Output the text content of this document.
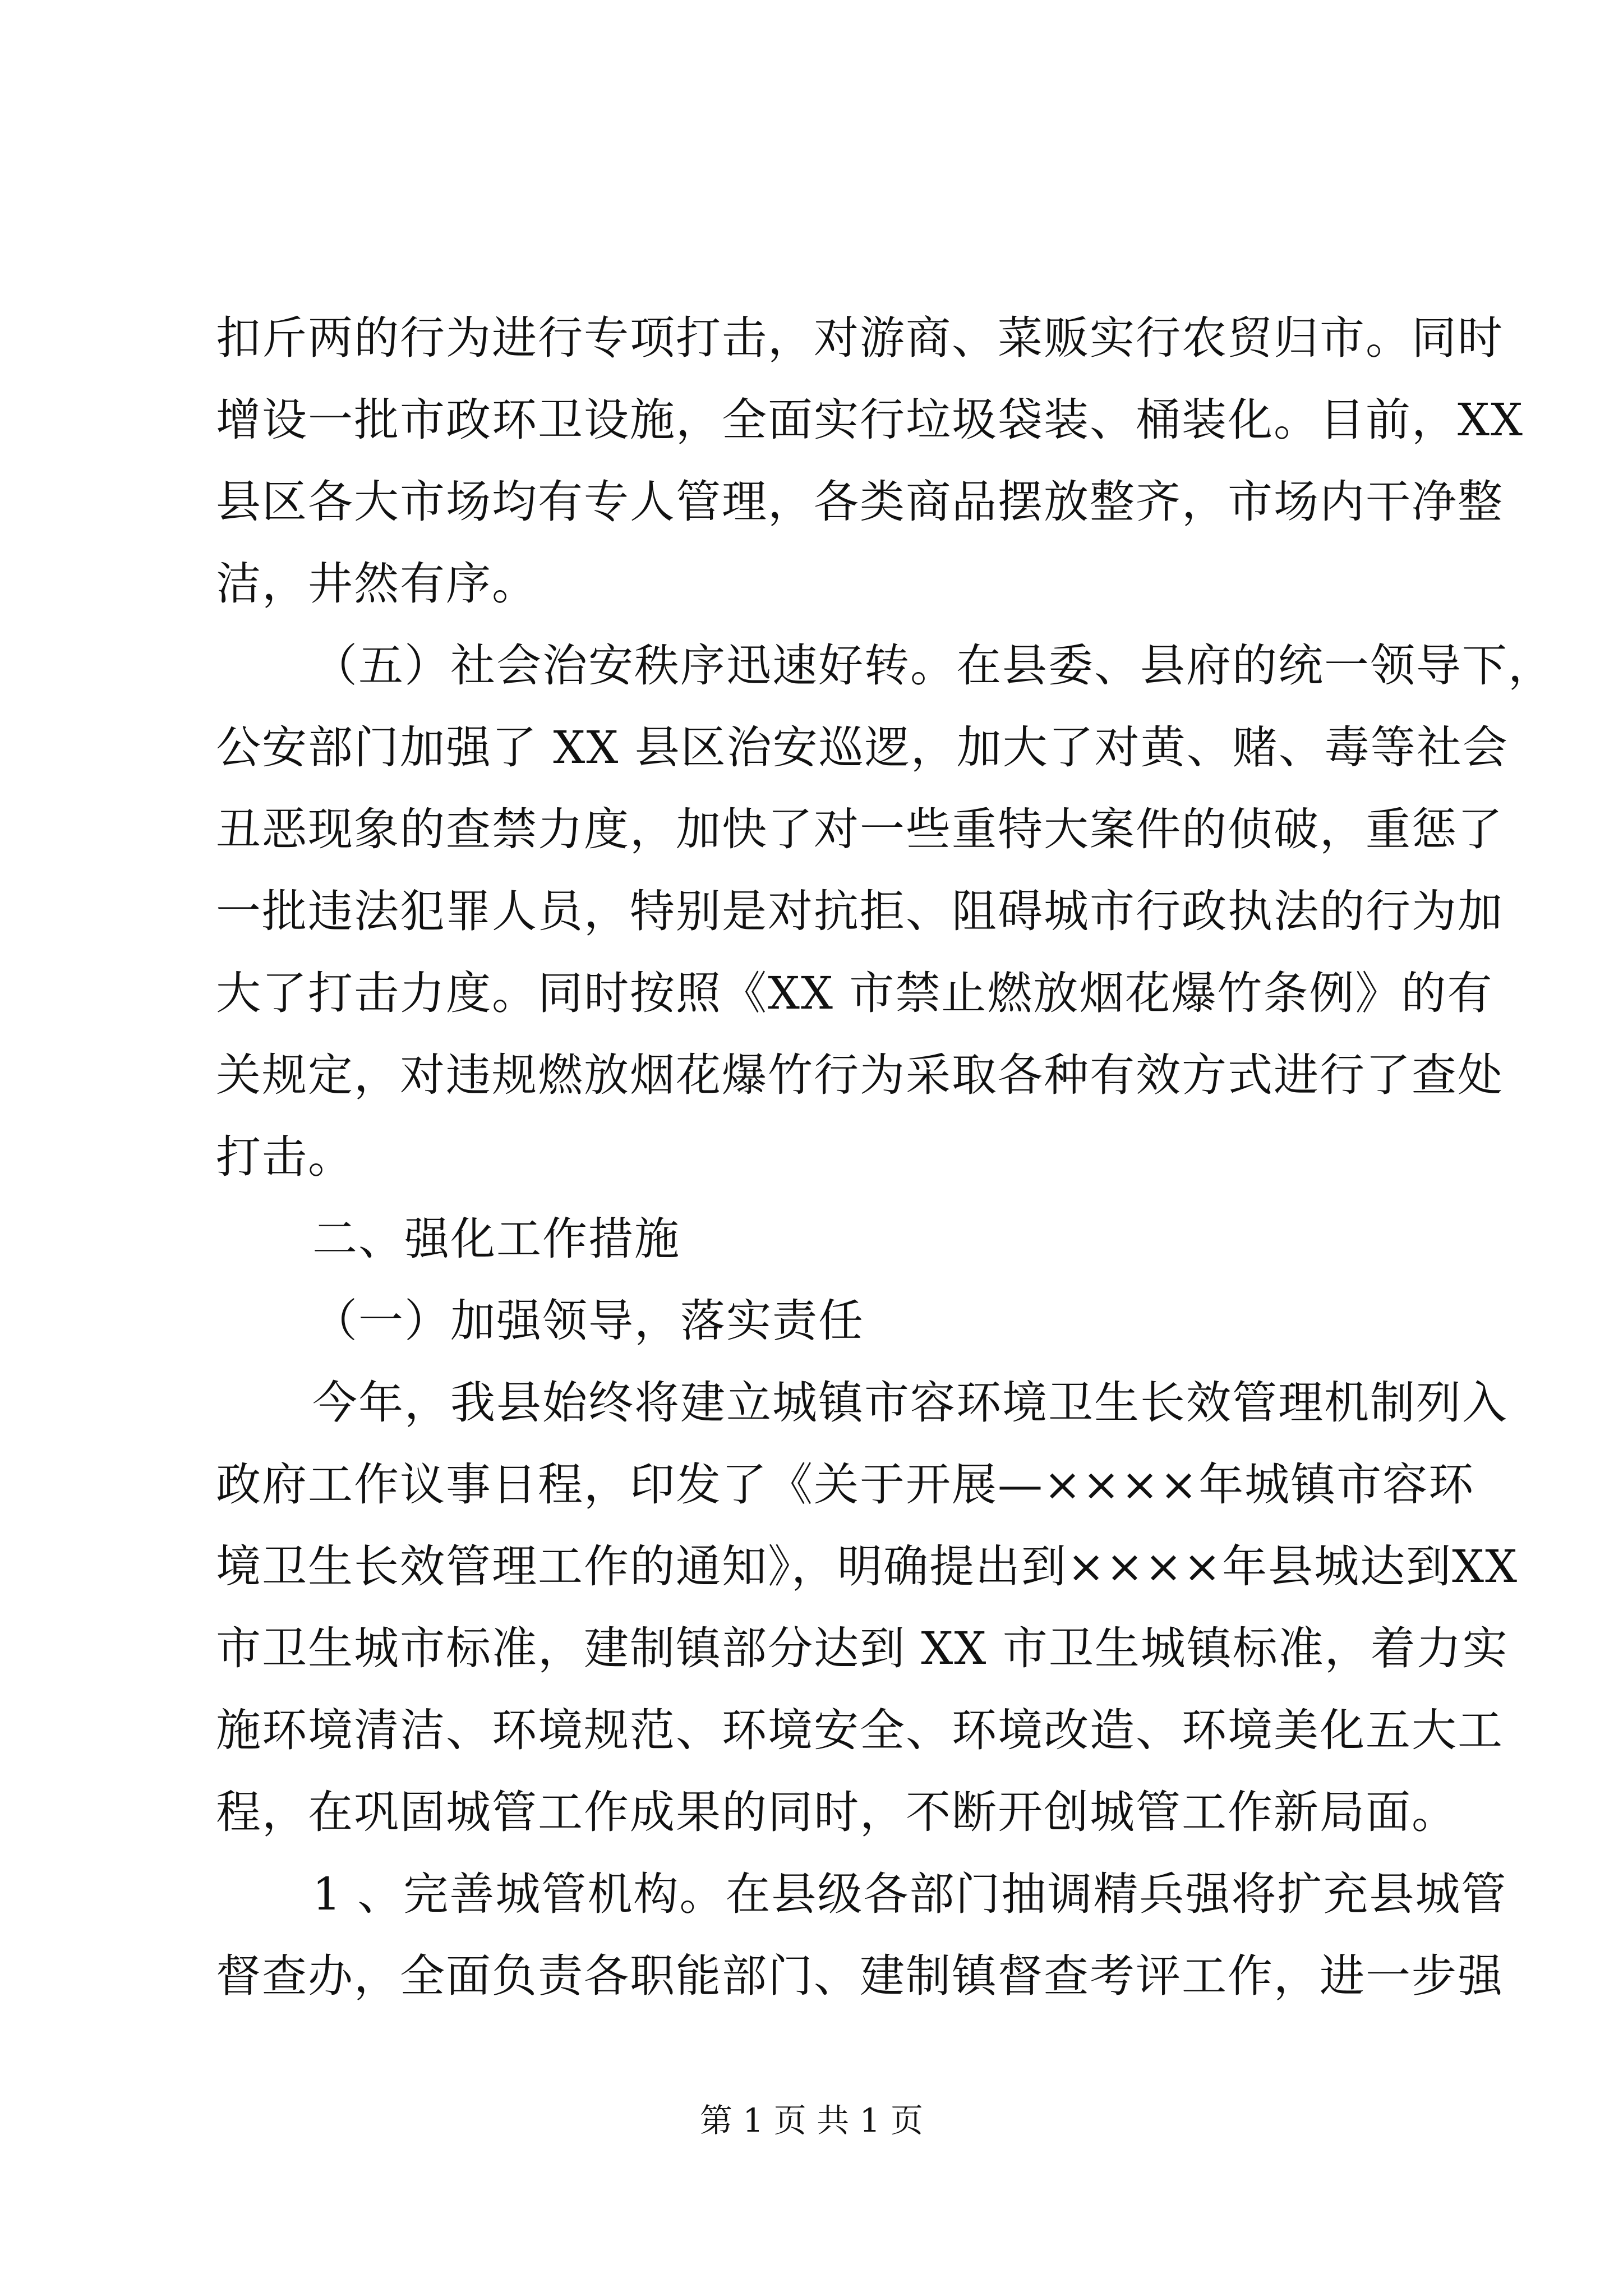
扣斤两的行为进行专项打击，对游商、菜贩实行农贸归市。同时

增设一批市政环卫设施，全面实行垃圾袋装、桶装化。目前，XX

县区各大市场均有专人管理，各类商品摆放整齐，市场内干净整

洁，井然有序。

（五）社会治安秩序迅速好转。在县委、县府的统一领导下，

公安部门加强了 XX 县区治安巡逻，加大了对黄、赌、毒等社会

丑恶现象的查禁力度，加快了对一些重特大案件的侦破，重惩了

一批违法犯罪人员，特别是对抗拒、阻碍城市行政执法的行为加

大了打击力度。同时按照《XX 市禁止燃放烟花爆竹条例》的有

关规定，对违规燃放烟花爆竹行为采取各种有效方式进行了查处

打击。

二、强化工作措施

（一）加强领导，落实责任

今年，我县始终将建立城镇市容环境卫生长效管理机制列入

政府工作议事日程，印发了《关于开展—××××年城镇市容环

境卫生长效管理工作的通知》，明确提出到××××年县城达到XX

市卫生城市标准，建制镇部分达到 XX 市卫生城镇标准，着力实

施环境清洁、环境规范、环境安全、环境改造、环境美化五大工

程，在巩固城管工作成果的同时，不断开创城管工作新局面。

1 、完善城管机构。在县级各部门抽调精兵强将扩充县城管

督查办，全面负责各职能部门、建制镇督查考评工作，进一步强

第 1 页 共 1 页
